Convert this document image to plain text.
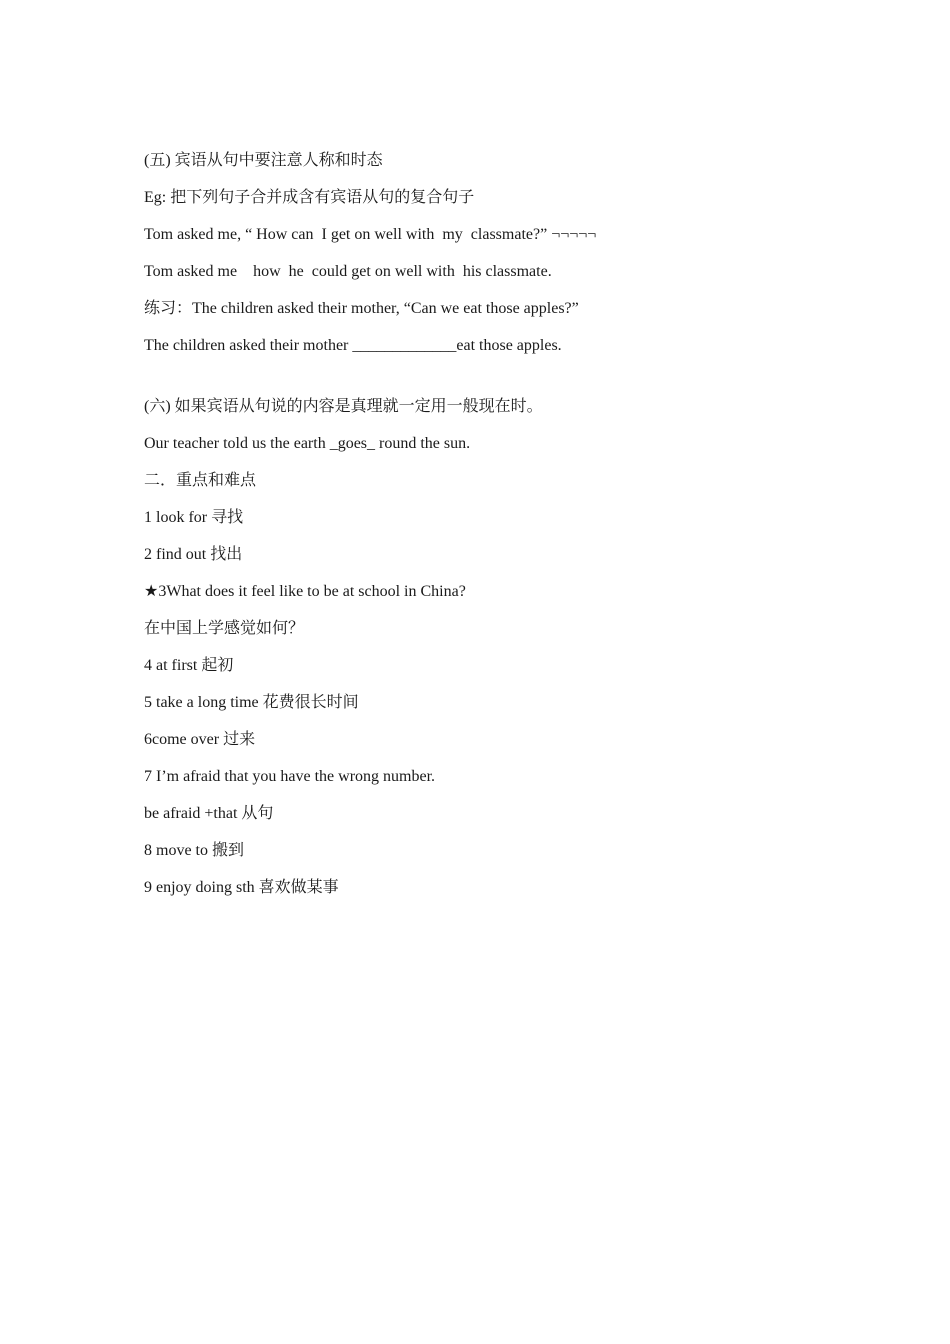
(五) 宾语从句中要注意人称和时态
Eg: 把下列句子合并成含有宾语从句的复合句子
Tom asked me, “ How can  I get on well with  my  classmate?” ¬¬¬¬¬
Tom asked me    how  he  could get on well with  his classmate.
练习：The children asked their mother, “Can we eat those apples?”
The children asked their mother _____________eat those apples.
(六) 如果宾语从句说的内容是真理就一定用一般现在时。
Our teacher told us the earth _goes_ round the sun.
二．重点和难点
1 look for 寻找
2 find out 找出
★3What does it feel like to be at school in China?
在中国上学感觉如何？
4 at first 起初
5 take a long time 花费很长时间
6come over 过来
7 I’m afraid that you have the wrong number.
be afraid +that 从句
8 move to 搬到
9 enjoy doing sth 喜欢做某事
